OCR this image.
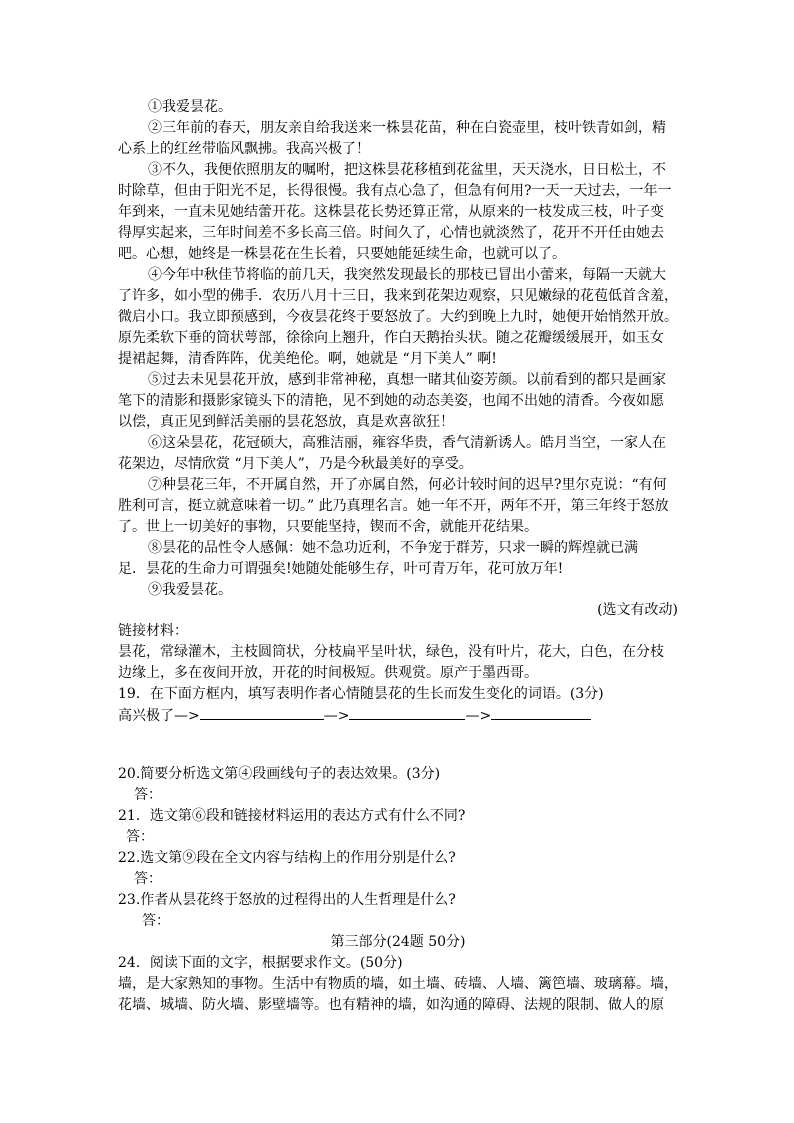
①我爱昙花。
②三年前的春天，朋友亲自给我送来一株昙花苗，种在白瓷壶里，枝叶铁青如剑，精
心系上的红丝带临风飘拂。我高兴极了！
③不久，我便依照朋友的嘱咐，把这株昙花移植到花盆里，天天浇水，日日松土，不
时除草，但由于阳光不足，长得很慢。我有点心急了，但急有何用?一天一天过去，一年一
年到来，一直未见她结蕾开花。这株昙花长势还算正常，从原来的一枝发成三枝，叶子变
得厚实起来，三年时间差不多长高三倍。时间久了，心情也就淡然了，花开不开任由她去
吧。心想，她终是一株昙花在生长着，只要她能延续生命，也就可以了。
④今年中秋佳节将临的前几天，我突然发现最长的那枝已冒出小蕾来，每隔一天就大
了许多，如小型的佛手．农历八月十三日，我来到花架边观察，只见嫩绿的花苞低首含羞，
微启小口。我立即预感到，今夜昙花终于要怒放了。大约到晚上九时，她便开始悄然开放。
原先柔软下垂的筒状萼部，徐徐向上翘升，作白天鹅抬头状。随之花瓣缓缓展开，如玉女
提裙起舞，清香阵阵，优美绝伦。啊，她就是 “月下美人” 啊!
⑤过去未见昙花开放，感到非常神秘，真想一睹其仙姿芳颜。以前看到的都只是画家
笔下的清影和摄影家镜头下的清艳，见不到她的动态美姿，也闻不出她的清香。今夜如愿
以偿，真正见到鲜活美丽的昙花怒放，真是欢喜欲狂！
⑥这朵昙花，花冠硕大，高雅洁丽，雍容华贵，香气清新诱人。皓月当空，一家人在
花架边，尽情欣赏 “月下美人”，乃是今秋最美好的享受。
⑦种昙花三年，不开属自然，开了亦属自然，何必计较时间的迟早?里尔克说：“有何
胜利可言，挺立就意味着一切。” 此乃真理名言。她一年不开，两年不开，第三年终于怒放
了。世上一切美好的事物，只要能坚持，锲而不舍，就能开花结果。
⑧昙花的品性令人感佩：她不急功近利，不争宠于群芳，只求一瞬的辉煌就已满
足．昙花的生命力可谓强矣!她随处能够生存，叶可青万年，花可放万年!
⑨我爱昙花。
(选文有改动)
链接材料：
昙花，常绿灌木，主枝圆筒状，分枝扁平呈叶状，绿色，没有叶片，花大，白色，在分枝
边缘上，多在夜间开放，开花的时间极短。供观赏。原产于墨西哥。
19．在下面方框内，填写表明作者心情随昙花的生长而发生变化的词语。(3分)
高兴极了—>	—>	—>
20.简要分析选文第④段画线句子的表达效果。(3分)
答：
21．选文第⑥段和链接材料运用的表达方式有什么不同?
答：
22.选文第⑨段在全文内容与结构上的作用分别是什么?
答：
23.作者从昙花终于怒放的过程得出的人生哲理是什么?
答：
第三部分(24题 50分)
24．阅读下面的文字，根据要求作文。(50分)
墙，是大家熟知的事物。生活中有物质的墙，如土墙、砖墙、人墙、篱笆墙、玻璃幕。墙，
花墙、城墙、防火墙、影壁墙等。也有精神的墙，如沟通的障碍、法规的限制、做人的原
